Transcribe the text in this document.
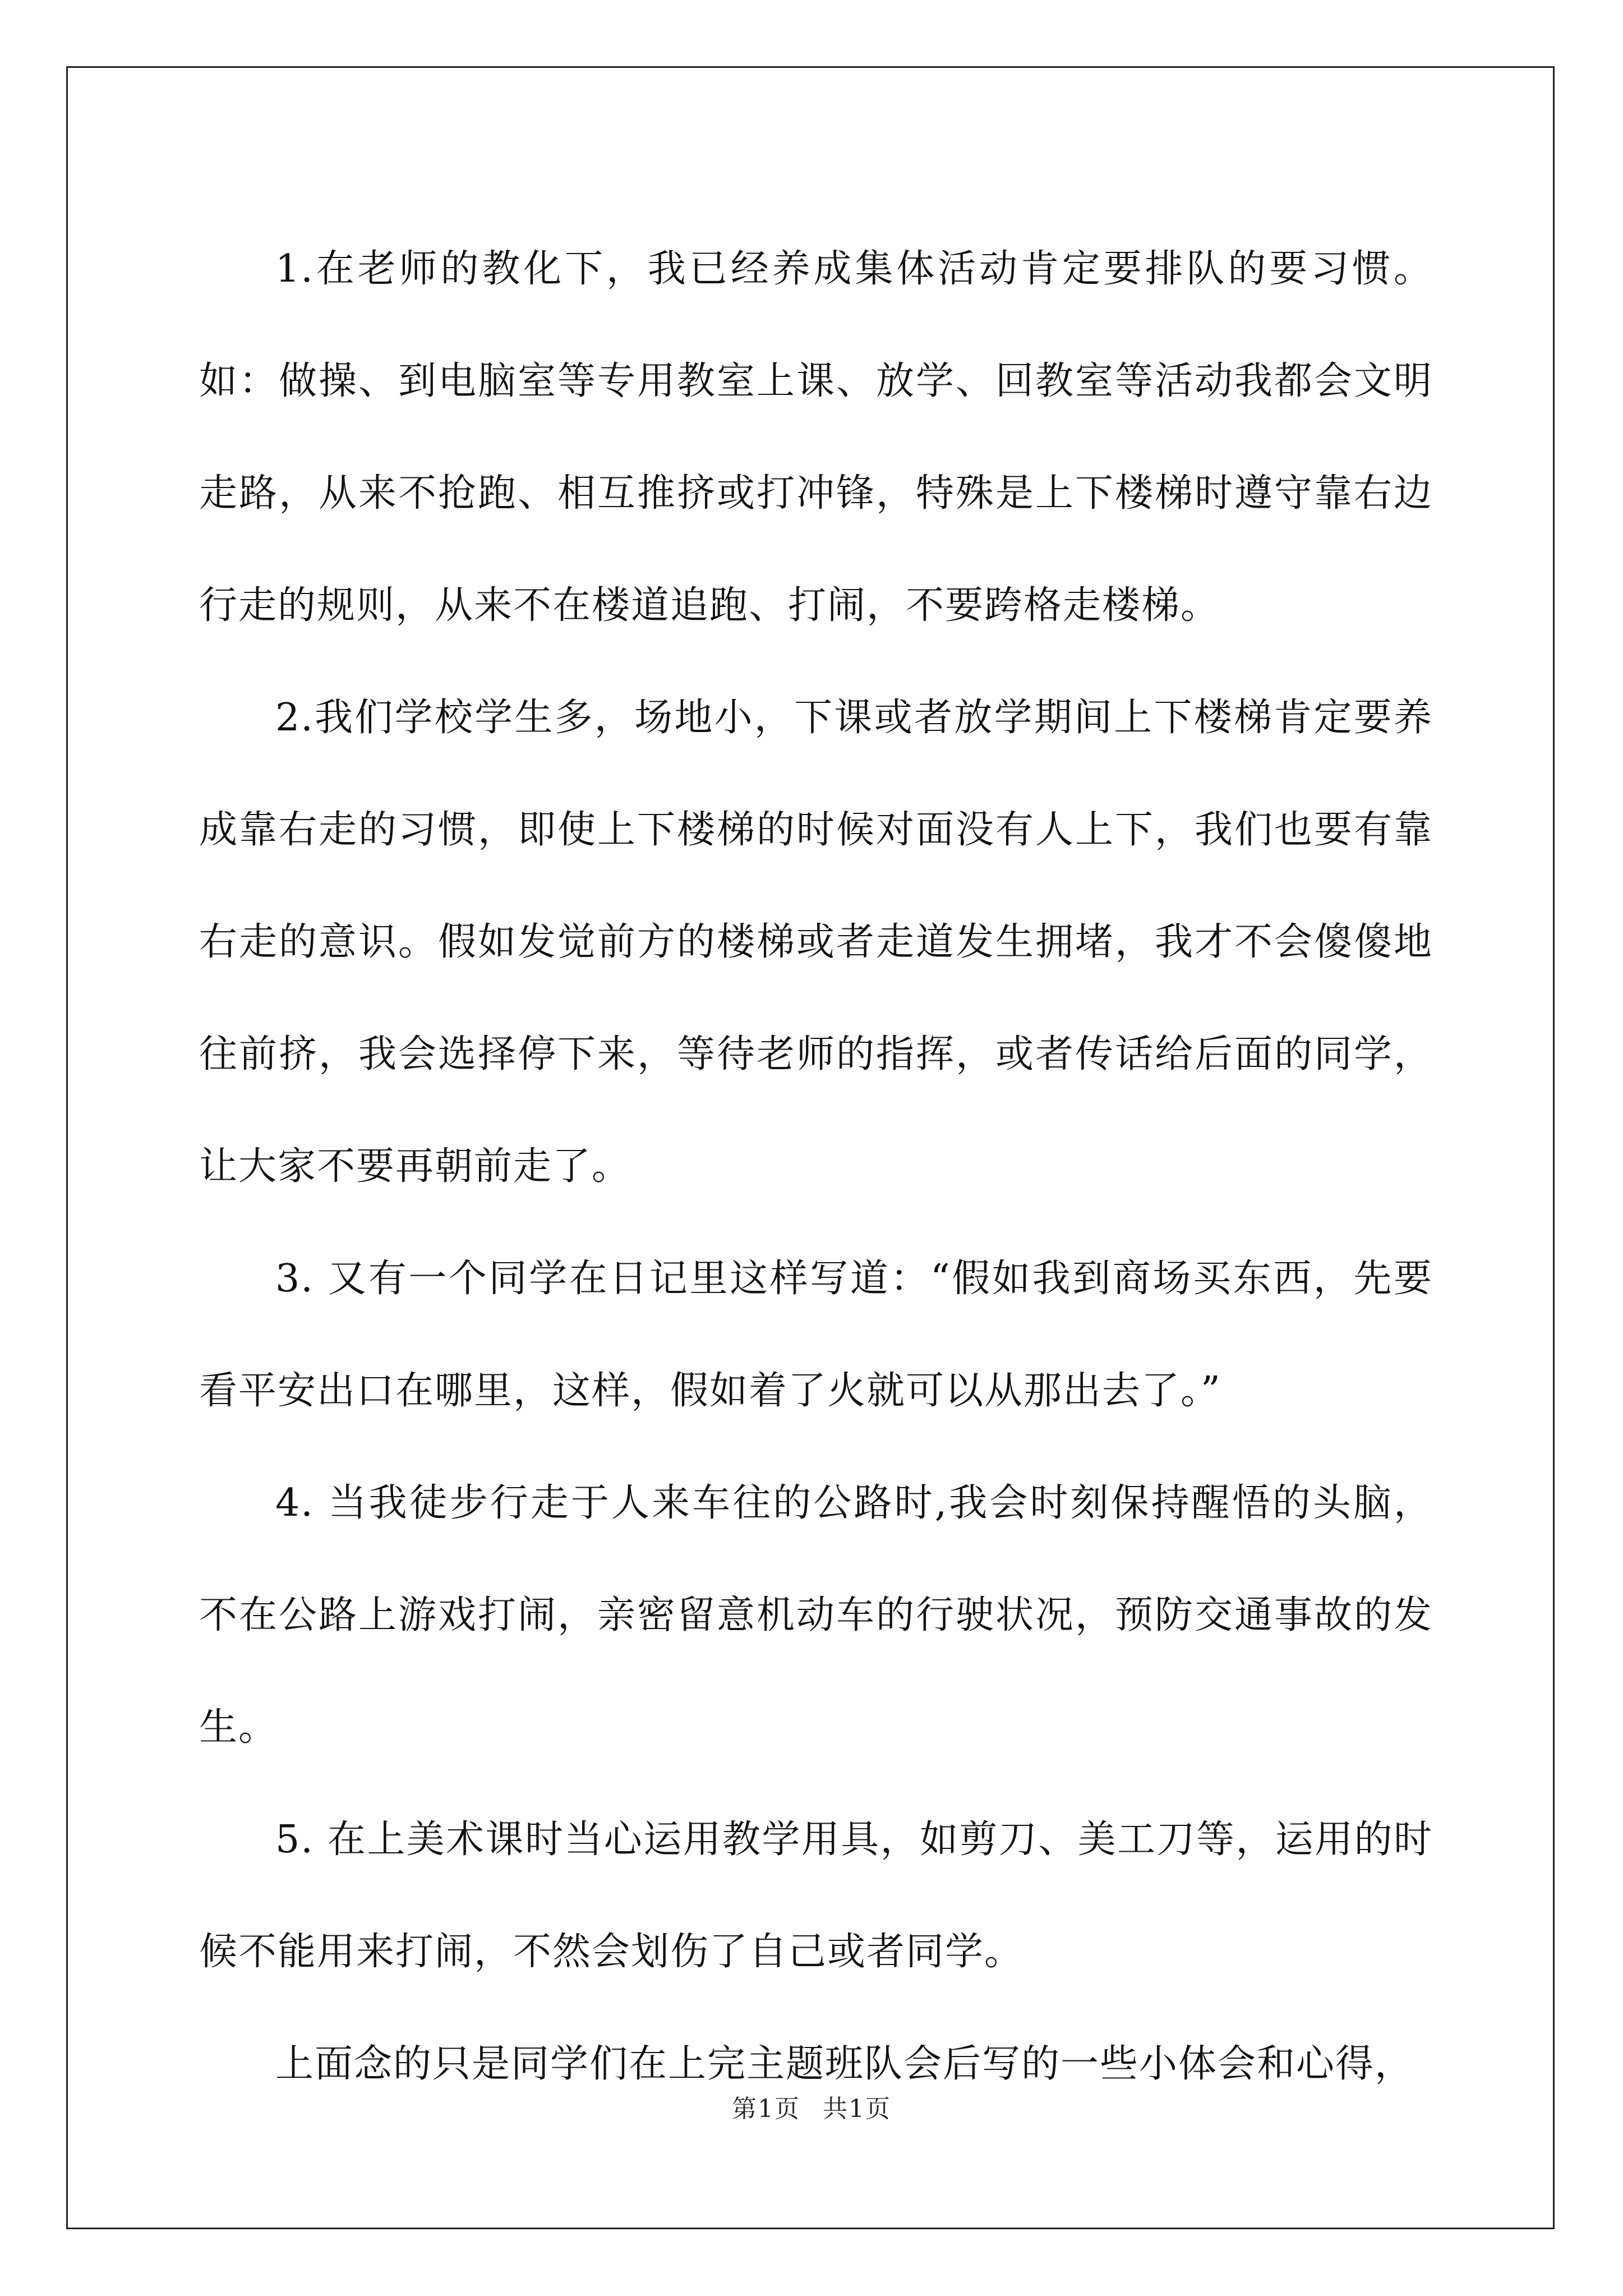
1.在老师的教化下，我已经养成集体活动肯定要排队的要习惯。如：做操、到电脑室等专用教室上课、放学、回教室等活动我都会文明走路，从来不抢跑、相互推挤或打冲锋，特殊是上下楼梯时遵守靠右边行走的规则，从来不在楼道追跑、打闹，不要跨格走楼梯。

2.我们学校学生多，场地小，下课或者放学期间上下楼梯肯定要养成靠右走的习惯，即使上下楼梯的时候对面没有人上下，我们也要有靠右走的意识。假如发觉前方的楼梯或者走道发生拥堵，我才不会傻傻地往前挤，我会选择停下来，等待老师的指挥，或者传话给后面的同学，让大家不要再朝前走了。

3. 又有一个同学在日记里这样写道：“假如我到商场买东西，先要看平安出口在哪里，这样，假如着了火就可以从那出去了。”

4. 当我徒步行走于人来车往的公路时,我会时刻保持醒悟的头脑，不在公路上游戏打闹，亲密留意机动车的行驶状况，预防交通事故的发生。

5. 在上美术课时当心运用教学用具，如剪刀、美工刀等，运用的时候不能用来打闹，不然会划伤了自己或者同学。

上面念的只是同学们在上完主题班队会后写的一些小体会和心得，

第1页 共1页
